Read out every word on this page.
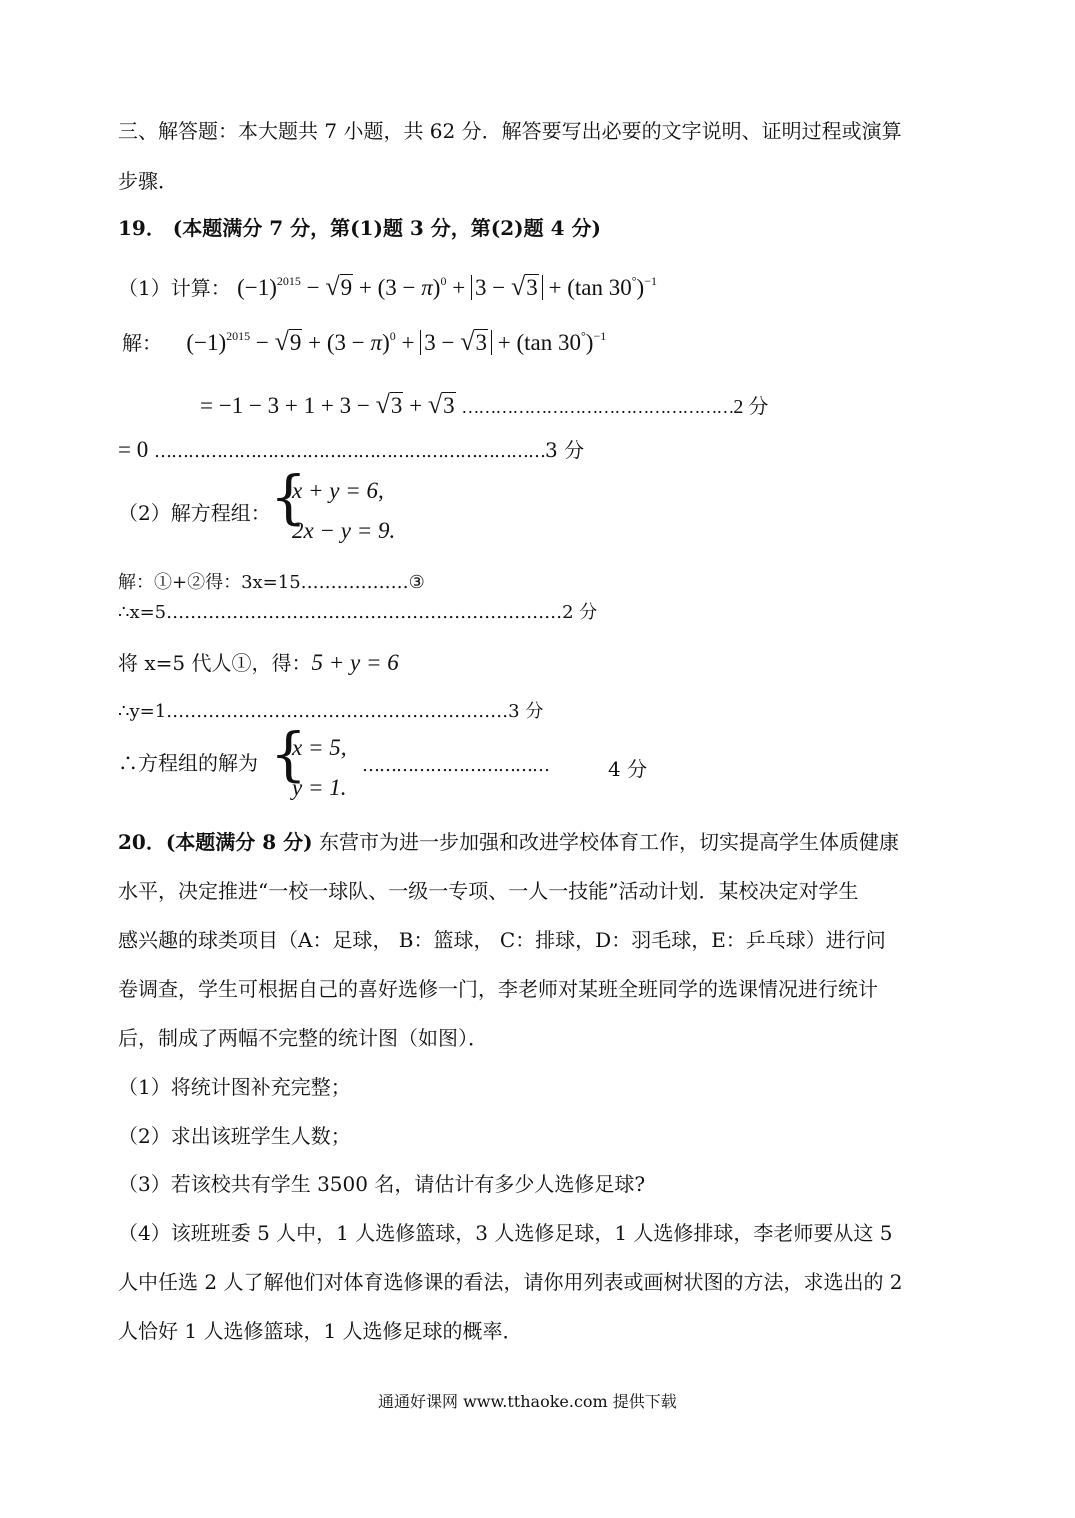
三、解答题：本大题共 7 小题，共 62 分．解答要写出必要的文字说明、证明过程或演算
步骤．
19． (本题满分 7 分，第(1)题 3 分，第(2)题 4 分)
（1）计算： $(-1)^{2015} - √9 + (3 - \pi)^0 + 3 - √3 + (\tan$ 30°)$^{-1}$
解： $(-1)^{2015} - √9 + (3 - \pi)^0 + 3 - √3 + (\tan$ 30°)$^{-1}$
= −1 − 3 + 1 + 3 − √3 + √3 …………………………………………2 分
= 0 ……………………………………………………………3 分
（2）解方程组： {
x + y = 6,
2x − y = 9.
解：①+②得：3x=15………………③
∴x=5…………………………………………………………2 分
将 x=5 代人①，得：5 + y = 6
∴y=1…………………………………………………3 分
∴方程组的解为 {
x = 5,
y = 1.
……………………………	4 分
20．(本题满分 8 分) 东营市为进一步加强和改进学校体育工作，切实提高学生体质健康
水平，决定推进“一校一球队、一级一专项、一人一技能”活动计划．某校决定对学生
感兴趣的球类项目（A：足球， B：篮球， C：排球，D：羽毛球，E：乒乓球）进行问
卷调查，学生可根据自己的喜好选修一门，李老师对某班全班同学的选课情况进行统计
后，制成了两幅不完整的统计图（如图）．
（1）将统计图补充完整；
（2）求出该班学生人数；
（3）若该校共有学生 3500 名，请估计有多少人选修足球?
（4）该班班委 5 人中，1 人选修篮球，3 人选修足球，1 人选修排球，李老师要从这 5
人中任选 2 人了解他们对体育选修课的看法，请你用列表或画树状图的方法，求选出的 2
人恰好 1 人选修篮球，1 人选修足球的概率．
通通好课网 www.tthaoke.com 提供下载
